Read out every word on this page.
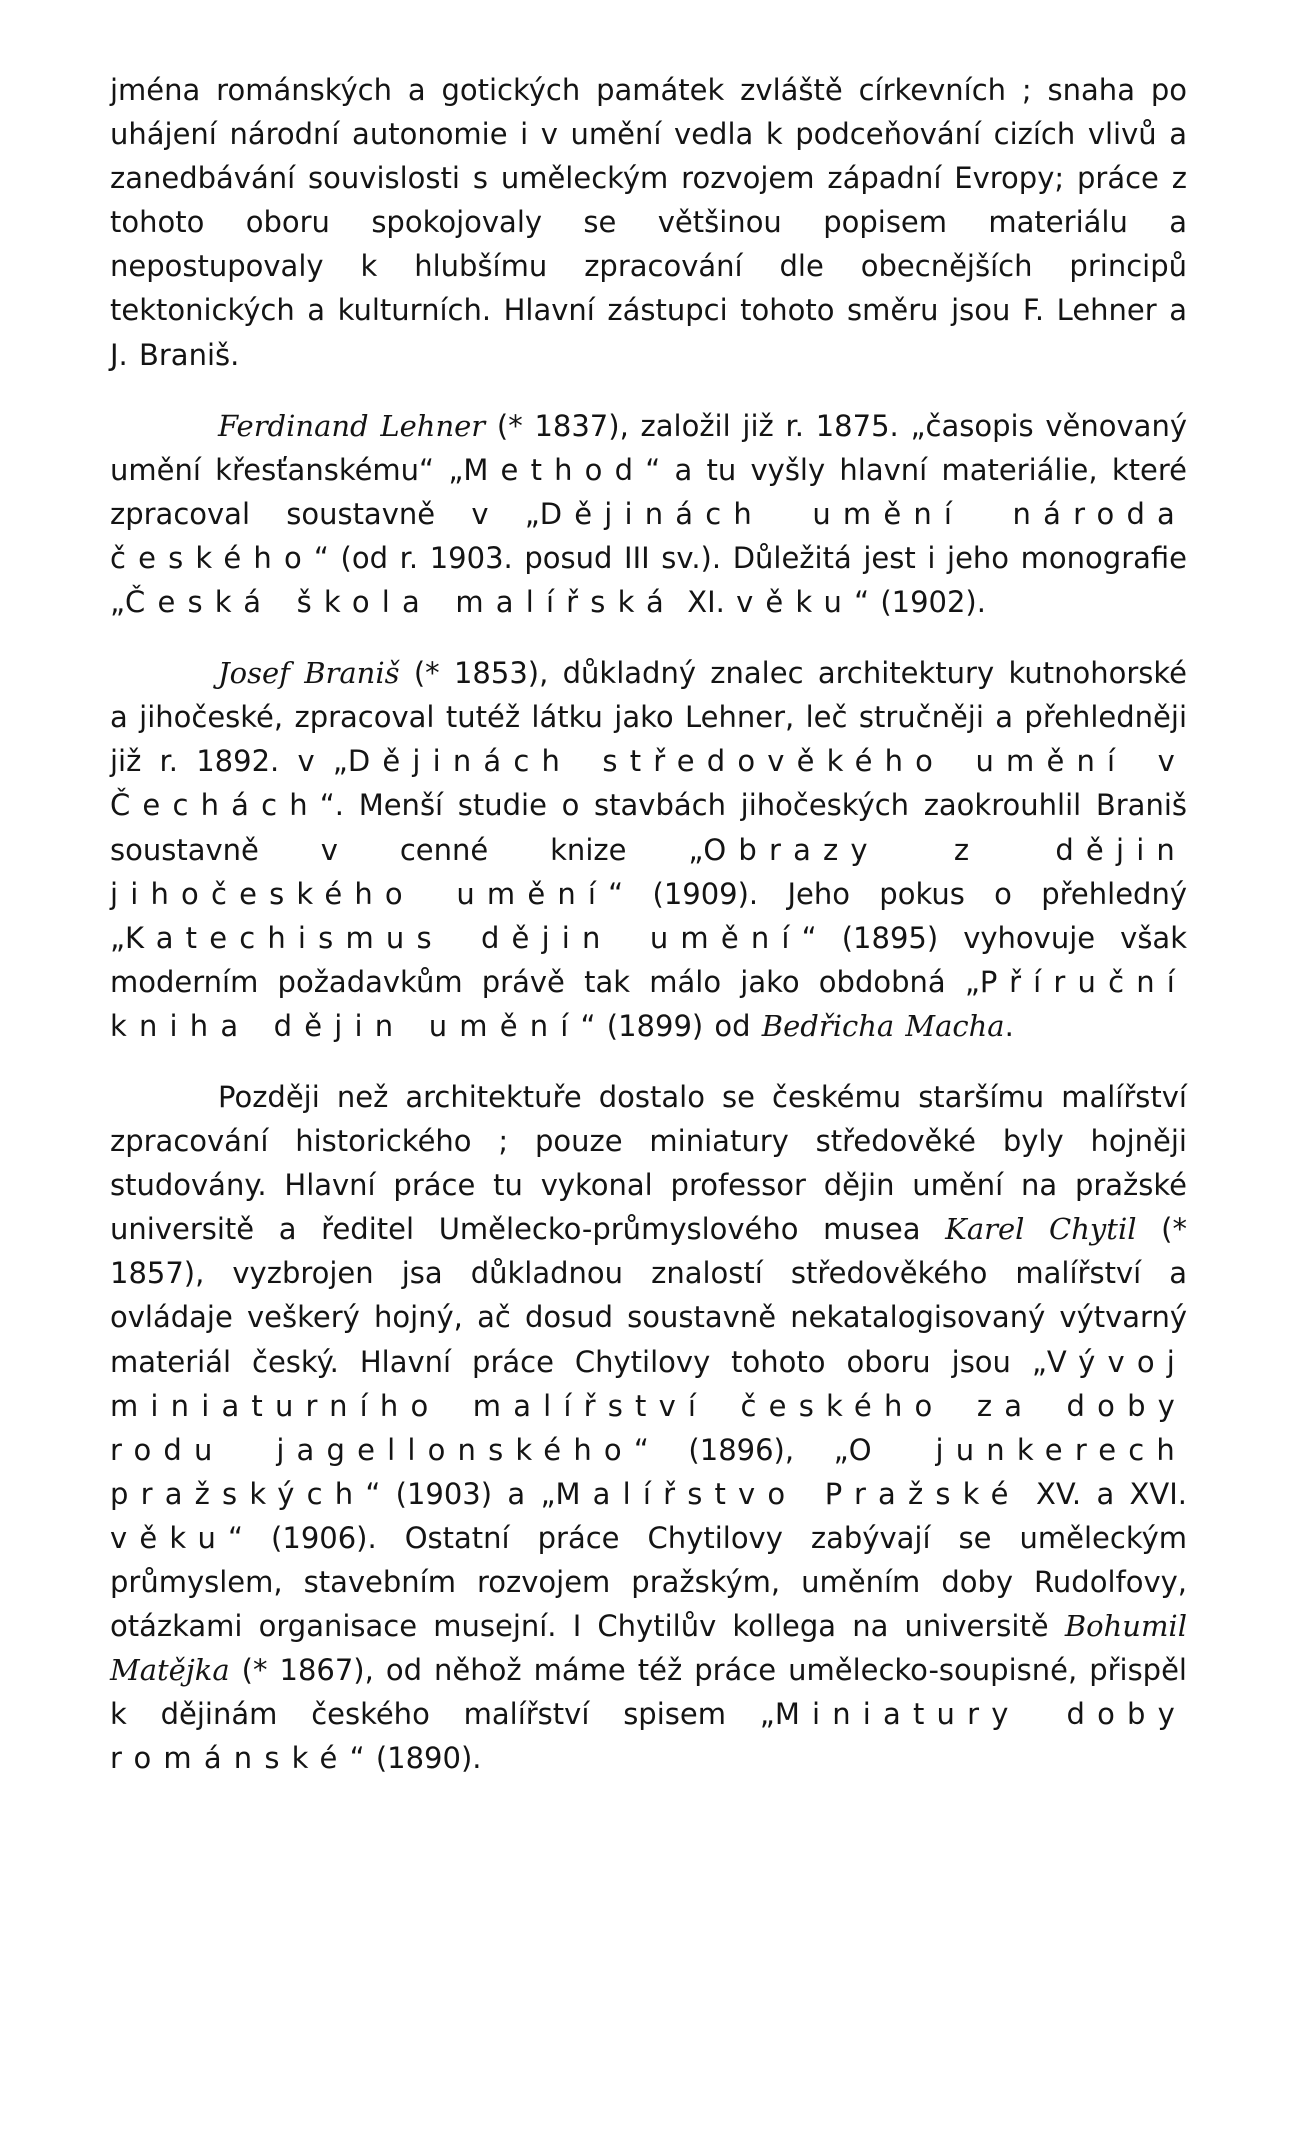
jména románských a gotických památek zvláště církevních ; snaha po uhájení národní autonomie i v umění vedla k podceňování cizích vlivů a zanedbávání souvislosti s uměleckým rozvojem západní Evropy; práce z tohoto oboru spokojovaly se většinou popisem materiálu a nepostupovaly k hlubšímu zpracování dle obecnějších principů tektonických a kulturních. Hlavní zástupci tohoto směru jsou F. Lehner a J. Braniš.

Ferdinand Lehner (* 1837), založil již r. 1875. „časopis věnovaný umění křesťanskému“ „Method“ a tu vyšly hlavní materiálie, které zpracoval soustavně v „Dějinách umění národa českého“ (od r. 1903. posud III sv.). Důležitá jest i jeho monografie „Česká škola malířská XI. věku“ (1902).

Josef Braniš (* 1853), důkladný znalec architektury kutnohorské a jihočeské, zpracoval tutéž látku jako Lehner, leč stručněji a přehledněji již r. 1892. v „Dějinách středověkého umění v Čechách“. Menší studie o stavbách jihočeských zaokrouhlil Braniš soustavně v cenné knize „Obrazy z dějin jihočeského umění“ (1909). Jeho pokus o přehledný „Katechismus dějin umění“ (1895) vyhovuje však moderním požadavkům právě tak málo jako obdobná „Příruční kniha dějin umění“ (1899) od Bedřicha Macha.

Později než architektuře dostalo se českému staršímu malířství zpracování historického ; pouze miniatury středověké byly hojněji studovány. Hlavní práce tu vykonal professor dějin umění na pražské universitě a ředitel Umělecko-průmyslového musea Karel Chytil (* 1857), vyzbrojen jsa důkladnou znalostí středověkého malířství a ovládaje veškerý hojný, ač dosud soustavně nekatalogisovaný výtvarný materiál český. Hlavní práce Chytilovy tohoto oboru jsou „Vývoj miniaturního malířství českého za doby rodu jagellonského“ (1896), „O junkerech pražských“ (1903) a „Malířstvo Pražské XV. a XVI. věku“ (1906). Ostatní práce Chytilovy zabývají se uměleckým průmyslem, stavebním rozvojem pražským, uměním doby Rudolfovy, otázkami organisace musejní. I Chytilův kollega na universitě Bohumil Matějka (* 1867), od něhož máme též práce umělecko-soupisné, přispěl k dějinám českého malířství spisem „Miniatury doby románské“ (1890).
